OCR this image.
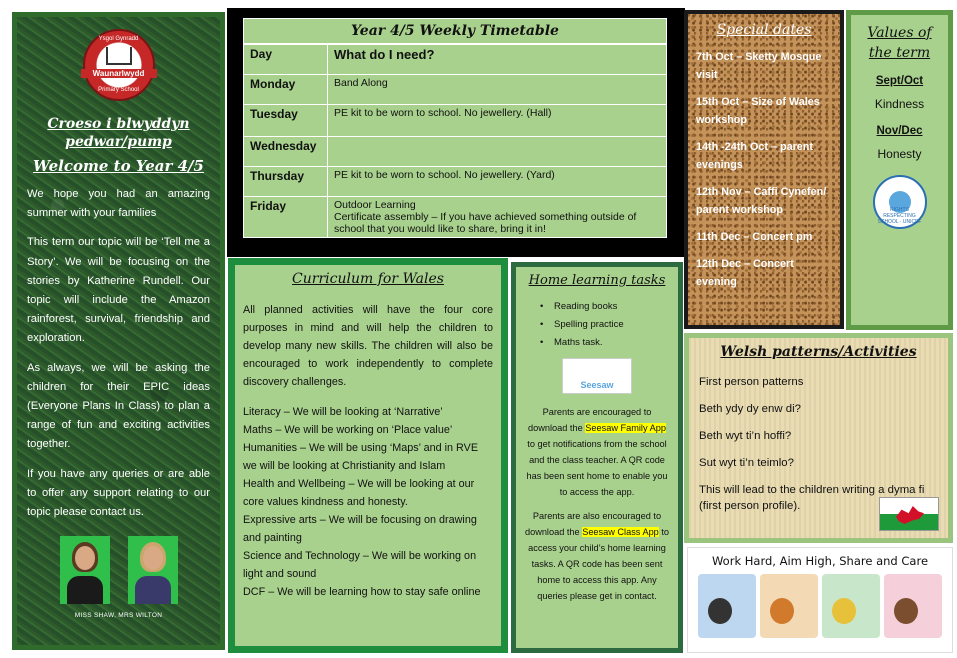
Ysgol Gynradd
Waunarlwydd
Primary School
Croeso i blwyddyn pedwar/pump
Welcome to Year 4/5

We hope you had an amazing summer with your families

This term our topic will be ‘Tell me a Story’. We will be focusing on the stories by Katherine Rundell. Our topic will include the Amazon rainforest, survival, friendship and exploration.

As always, we will be asking the children for their EPIC ideas (Everyone Plans In Class) to plan a range of fun and exciting activities together.

If you have any queries or are able to offer any support relating to our topic please contact us.

MISS SHAW, MRS WILTON
Year 4/5 Weekly Timetable
Day	What do I need?
Monday	Band Along
Tuesday	PE kit to be worn to school. No jewellery. (Hall)
Wednesday	
Thursday	PE kit to be worn to school. No jewellery. (Yard)
Friday	Outdoor Learning
Certificate assembly – If you have achieved something outside of school that you would like to share, bring it in!
Special dates
7th Oct – Sketty Mosque visit
15th Oct – Size of Wales workshop
14th -24th Oct – parent evenings
12th Nov – Caffi Cynefen/ parent workshop
11th Dec – Concert pm
12th Dec – Concert evening
Values of the term
Sept/Oct
Kindness
Nov/Dec
Honesty
RIGHTS RESPECTING SCHOOL · UNICEF
Curriculum for Wales

All planned activities will have the four core purposes in mind and will help the children to develop many new skills. The children will also be encouraged to work independently to complete discovery challenges.

Literacy – We will be looking at ‘Narrative’
Maths – We will be working on ‘Place value’
Humanities – We will be using ‘Maps’ and in RVE we will be looking at Christianity and Islam
Health and Wellbeing – We will be looking at our core values kindness and honesty.
Expressive arts – We will be focusing on drawing and painting
Science and Technology – We will be working on light and sound
DCF – We will be learning how to stay safe online
Home learning tasks
• Reading books
• Spelling practice
• Maths task.
Seesaw

Parents are encouraged to download the Seesaw Family App to get notifications from the school and the class teacher. A QR code has been sent home to enable you to access the app.

Parents are also encouraged to download the Seesaw Class App to access your child’s home learning tasks. A QR code has been sent home to access this app. Any queries please get in contact.

Welsh patterns/Activities

First person patterns

Beth ydy dy enw di?

Beth wyt ti’n hoffi?

Sut wyt ti’n teimlo?

This will lead to the children writing a dyma fi (first person profile).

Work Hard, Aim High, Share and Care
